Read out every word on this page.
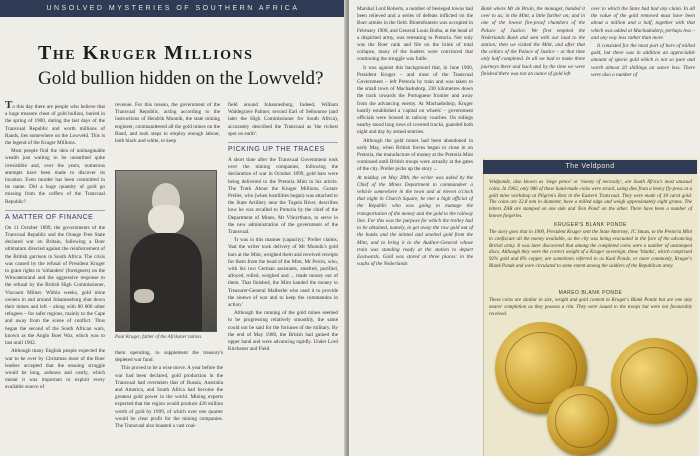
UNSOLVED MYSTERIES OF SOUTHERN AFRICA
The Kruger Millions
Gold bullion hidden on the Lowveld?

To this day there are people who believe that a huge treasure chest of gold bullion, buried in the spring of 1900, during the last days of the Transvaal Republic and worth millions of Rands, lies somewhere on the Lowveld. This is the legend of the Kruger Millions.

Most people find the idea of unimaginable wealth just waiting to be unearthed quite irresistible and, over the years, numerous attempts have been made to discover its location. Even murder has been committed in its name. Did a huge quantity of gold go missing from the coffers of the Transvaal Republic?

A MATTER OF FINANCE

On 11 October 1899, the governments of the Transvaal Republic and the Orange Free State declared war on Britain, following a Boer ultimatum directed against the reinforcement of the British garrison in South Africa. The crisis was caused by the refusal of President Kruger to grant rights to 'uitlanders' (foreigners) on the Witwatersrand and the aggressive response to the refusal by the British High Commissioner, Viscount Milner. Within weeks, gold mine owners in and around Johannesburg shut down their mines and left – along with 80 000 other refugees – for safer regions, mainly to the Cape and away from the scene of conflict. Thus began the second of the South African wars, known as the Anglo Boer War, which was to last until 1902.

Although many English people expected the war to be over by Christmas most of the Boer leaders accepted that the ensuing struggle would be long, arduous and costly, which meant it was important to exploit every available source of

revenue. For this reason, the government of the Transvaal Republic, acting according to the instructions of Hendrik Munnik, the state mining engineer, commandeered all the gold mines on the Rand, and took steps to employ enough labour, both black and white, to keep

Paul Kruger, father of the Afrikaner nation.

them operating, to supplement the treasury's depleted war fund.

This proved to be a wise move. A year before the war had been declared, gold production in the Transvaal had overtaken that of Russia, Australia and America, and South Africa had become the greatest gold power in the world. Mining experts expected that the region would produce 420 million worth of gold by 1899, of which over one quarter would be clear profit for the mining companies. The Transvaal also boasted a vast coal-

field around Johannesburg. Indeed, William Waldegrave Palmer, second Earl of Selbourne (and later the High Commissioner for South Africa), accurately described the Transvaal as 'the richest spot on earth'.

PICKING UP THE TRACES

A short time after the Transvaal Government took over the mining companies, following the declaration of war in October 1899, gold bars were being delivered to the Pretoria Mint in his article. The Truth About the Kruger Millions, Gustav Preller, who (when hostilities began) was attached to the State Artillery near the Tugela River, describes how he was recalled to Pretoria by the chief of the Department of Mines, Mr Vlieyrthans, to serve in the new administration of the government of the Transvaal.

'It was in this manner (capacity),' Preller claims, 'that the writer took delivery of Mr Munnik's gold bars at the Mint, weighed them and received receipts for them from the head of the Mint, Mr Perrin, who, with his two German assistants, smelted, purified, alloyed, rolled, weighed and ... made money out of them. That finished, the Mint handed the money to Treasurer-General Malherbe who used it to provide the sinews of war and to keep the commandos in action.'

Although the running of the gold mines seemed to be progressing relatively smoothly, the same could not be said for the fortunes of the military. By the end of May 1900, the British had gained the upper hand and were advancing rapidly. Under Lord Kitchener and Field

Marshal Lord Roberts, a number of besieged towns had been relieved and a series of defeats inflicted on the Boer armies in the field. Bloemfontein was occupied in February 1900, and General Louis Botha, at the head of a dispirited army, was retreating to Pretoria. Not only was the Boer rank and file on the brink of total collapse, many of the leaders were convinced that continuing the struggle was futile.

It was against this background that, in June 1900, President Kruger – and most of the Transvaal Government – left Pretoria by train and was taken to the small town of Machadodorp, 230 kilometres down the track towards the Portuguese frontier and away from the advancing enemy. At Machadodorp, Kruger hastily established a 'capital on wheels' – government officials were housed in railway coaches. On sidings nearby stood long rows of covered trucks, guarded both night and day by armed sentries.

Although the gold mines had been abandoned in early May, when British forces began to close in on Pretoria, the manufacture of money at the Pretoria Mint continued until British troops were actually at the gates of the city. Preller picks up the story ...

At midday on May 28th, the writer was asked by the Chief of the Mines Department to commandeer a vehicle somewhere in the town and at eleven o'clock that night in Church Square, he met a high official of the Republic who was going to manage the transportation of the money and the gold to the railway line. For this was the purpose for which the trolley had to be obtained, namely, to get away the raw gold out of the banks and the minted and smelted gold from the Mint, and to bring it to the Auditor-General whose train was standing ready at the station to depart Eastwards. Gold was stored at three places: in the vaults of the Nederlands

Bank where Mr de Bruin, the manager, handed it over to us; in the Mint, a little further on; and in one of the lowest fire-proof chambers of the Palace of Justice. We first emptied the Nederlands Bank and sent with our load to the station; then we visited the Mint, and after that the cellars of the Palace of Justice – at that time only half completed. In all we had to make three journeys there and back and by the time we were finished there was not an ounce of gold left

over to which the State had had any claim. In all the value of the gold removed must have been about a million and a half, together with that which was added at Machadodorp, perhaps less – and any way less rather than more.

It consisted for the most part of bars of milled gold, but there was in addition an appreciable amount of specie gold which is not so pure and worth almost 20 shillings an ounce less. There were also a number of

The Veldpond
Veldponde, also known as 'siege pence' or 'money of necessity', are South Africa's most unusual coins. In 1902, only 986 of these hand-made coins were struck, using dies from a heavy fly-press at a gold mine workshop at Pilgrim's Rest in the Eastern Transvaal. They were made of 18 carat gold. The coins are 22.8 mm in diameter, have a milled edge and weigh approximately eight grams. The letters ZAR are stamped on one side and 'Een Pond' on the other. There have been a number of known forgeries.
KRUGER'S BLANK PONDE
The story goes that in 1900, President Kruger sent the State Attorney, JC Smuts, to the Pretoria Mint to confiscate all the money available, as the city was being evacuated in the face of the advancing British army. It was later discovered that among the completed coins were a number of unstamped discs. Although they were the correct weight of a Kruger sovereign, these 'blanks', which comprised 92% gold and 8% copper, are sometimes referred to as Kaal Ponde, or more commonly, Kruger's Blank Ponde and were circulated to some extent among the soldiers of the Republican army.
MAREO BLANK PONDE
These coins are similar in size, weight and gold content to Kruger's Blank Ponde but are one step nearer completion as they possess a rim. They were issued to the troops but were not favourably received.
